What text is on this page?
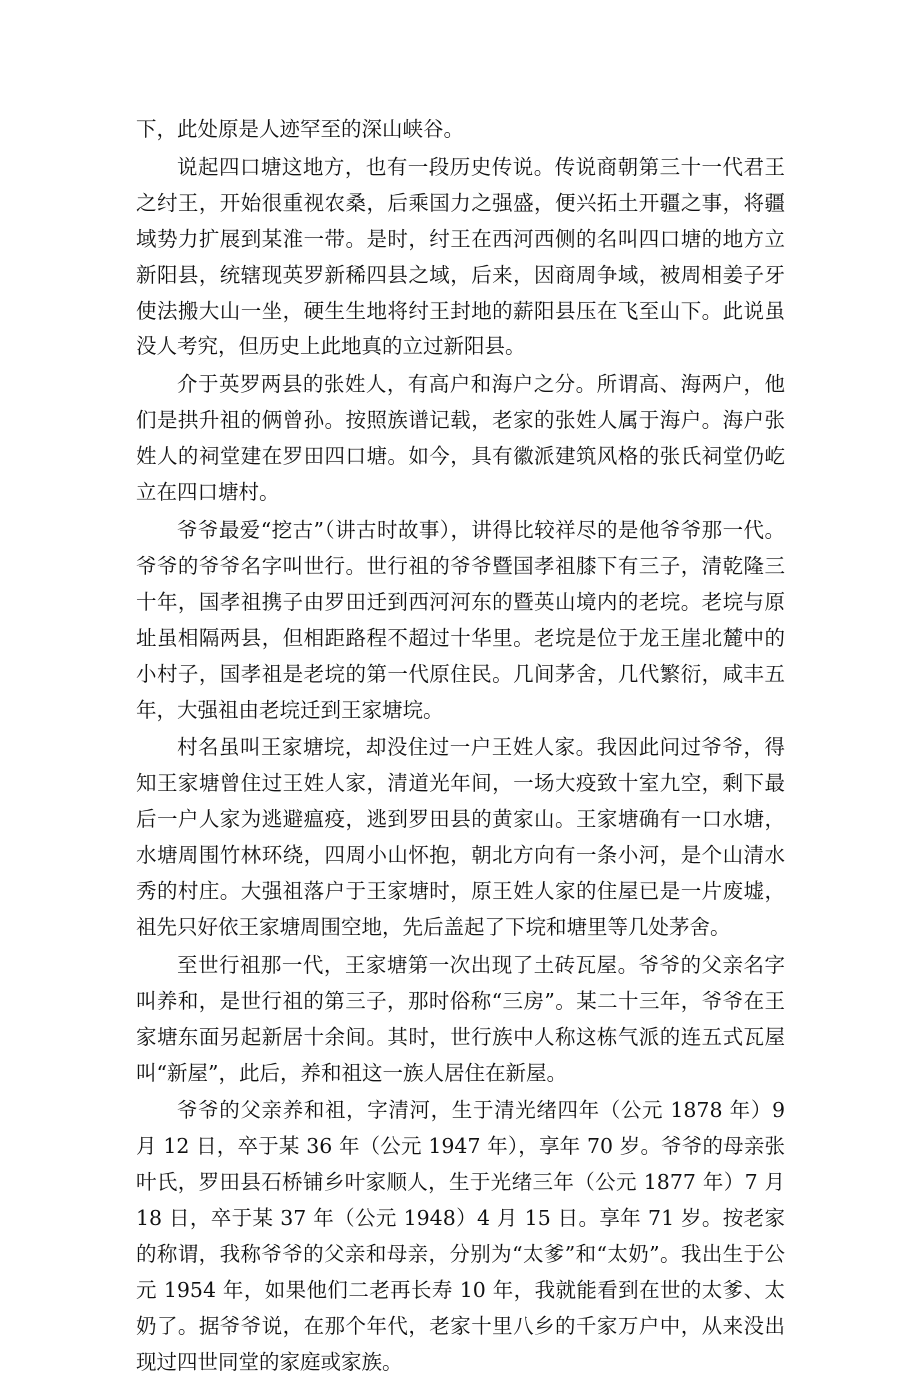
下，此处原是人迹罕至的深山峡谷。

说起四口塘这地方，也有一段历史传说。传说商朝第三十一代君王之纣王，开始很重视农桑，后乘国力之强盛，便兴拓土开疆之事，将疆域势力扩展到某淮一带。是时，纣王在西河西侧的名叫四口塘的地方立新阳县，统辖现英罗新稀四县之域，后来，因商周争域，被周相姜子牙使法搬大山一坐，硬生生地将纣王封地的薪阳县压在飞至山下。此说虽没人考究，但历史上此地真的立过新阳县。

介于英罗两县的张姓人，有高户和海户之分。所谓高、海两户，他们是拱升祖的俩曾孙。按照族谱记载，老家的张姓人属于海户。海户张姓人的祠堂建在罗田四口塘。如今，具有徽派建筑风格的张氏祠堂仍屹立在四口塘村。

爷爷最爱“挖古”（讲古时故事），讲得比较祥尽的是他爷爷那一代。爷爷的爷爷名字叫世行。世行祖的爷爷暨国孝祖膝下有三子，清乾隆三十年，国孝祖携子由罗田迁到西河河东的暨英山境内的老垸。老垸与原址虽相隔两县，但相距路程不超过十华里。老垸是位于龙王崖北麓中的小村子，国孝祖是老垸的第一代原住民。几间茅舍，几代繁衍，咸丰五年，大强祖由老垸迁到王家塘垸。

村名虽叫王家塘垸，却没住过一户王姓人家。我因此问过爷爷，得知王家塘曾住过王姓人家，清道光年间，一场大疫致十室九空，剩下最后一户人家为逃避瘟疫，逃到罗田县的黄家山。王家塘确有一口水塘，水塘周围竹林环绕，四周小山怀抱，朝北方向有一条小河，是个山清水秀的村庄。大强祖落户于王家塘时，原王姓人家的住屋已是一片废墟，祖先只好依王家塘周围空地，先后盖起了下垸和塘里等几处茅舍。

至世行祖那一代，王家塘第一次出现了土砖瓦屋。爷爷的父亲名字叫养和，是世行祖的第三子，那时俗称“三房”。某二十三年，爷爷在王家塘东面另起新居十余间。其时，世行族中人称这栋气派的连五式瓦屋叫“新屋”，此后，养和祖这一族人居住在新屋。

爷爷的父亲养和祖，字清河，生于清光绪四年（公元 1878 年）9 月 12 日，卒于某 36 年（公元 1947 年），享年 70 岁。爷爷的母亲张叶氏，罗田县石桥铺乡叶家顺人，生于光绪三年（公元 1877 年）7 月 18 日，卒于某 37 年（公元 1948）4 月 15 日。享年 71 岁。按老家的称谓，我称爷爷的父亲和母亲，分别为“太爹”和“太奶”。我出生于公元 1954 年，如果他们二老再长寿 10 年，我就能看到在世的太爹、太奶了。据爷爷说，在那个年代，老家十里八乡的千家万户中，从来没出现过四世同堂的家庭或家族。
